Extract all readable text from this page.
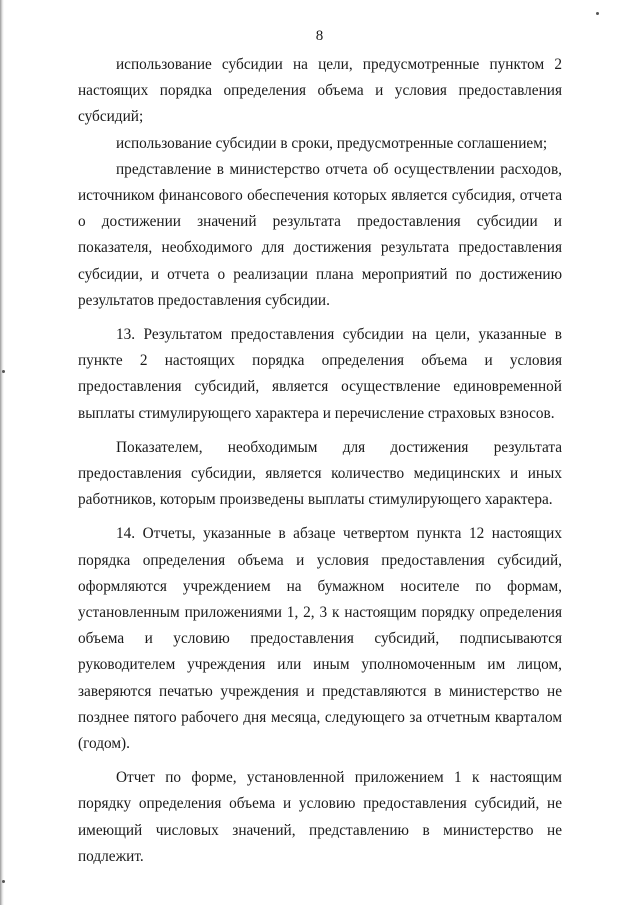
8

использование субсидии на цели, предусмотренные пунктом 2 настоящих порядка определения объема и условия предоставления субсидий;

использование субсидии в сроки, предусмотренные соглашением;

представление в министерство отчета об осуществлении расходов, источником финансового обеспечения которых является субсидия, отчета о достижении значений результата предоставления субсидии и показателя, необходимого для достижения результата предоставления субсидии, и отчета о реализации плана мероприятий по достижению результатов предоставления субсидии.

13. Результатом предоставления субсидии на цели, указанные в пункте 2 настоящих порядка определения объема и условия предоставления субсидий, является осуществление единовременной выплаты стимулирующего характера и перечисление страховых взносов.

Показателем, необходимым для достижения результата предоставления субсидии, является количество медицинских и иных работников, которым произведены выплаты стимулирующего характера.

14. Отчеты, указанные в абзаце четвертом пункта 12 настоящих порядка определения объема и условия предоставления субсидий, оформляются учреждением на бумажном носителе по формам, установленным приложениями 1, 2, 3 к настоящим порядку определения объема и условию предоставления субсидий, подписываются руководителем учреждения или иным уполномоченным им лицом, заверяются печатью учреждения и представляются в министерство не позднее пятого рабочего дня месяца, следующего за отчетным кварталом (годом).

Отчет по форме, установленной приложением 1 к настоящим порядку определения объема и условию предоставления субсидий, не имеющий числовых значений, представлению в министерство не подлежит.
